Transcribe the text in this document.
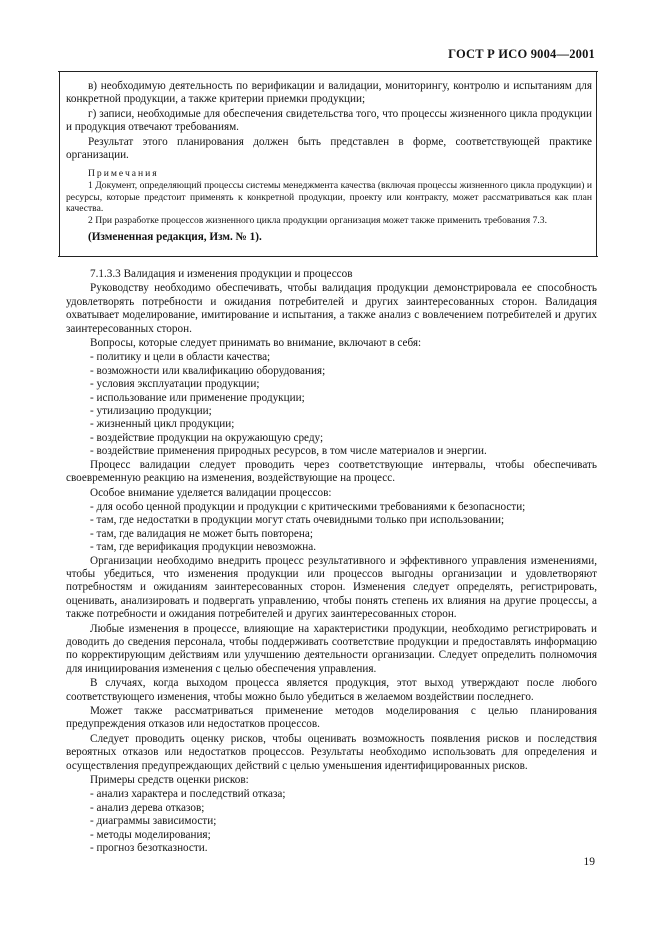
ГОСТ Р ИСО 9004—2001

в) необходимую деятельность по верификации и валидации, мониторингу, контролю и испытаниям для конкретной продукции, а также критерии приемки продукции;

г) записи, необходимые для обеспечения свидетельства того, что процессы жизненного цикла продукции и продукция отвечают требованиям.

Результат этого планирования должен быть представлен в форме, соответствующей практике организации.

Примечания

1 Документ, определяющий процессы системы менеджмента качества (включая процессы жизненного цикла продукции) и ресурсы, которые предстоит применять к конкретной продукции, проекту или контракту, может рассматриваться как план качества.

2 При разработке процессов жизненного цикла продукции организация может также применить требования 7.3.

(Измененная редакция, Изм. № 1).

7.1.3.3 Валидация и изменения продукции и процессов

Руководству необходимо обеспечивать, чтобы валидация продукции демонстрировала ее способность удовлетворять потребности и ожидания потребителей и других заинтересованных сторон. Валидация охватывает моделирование, имитирование и испытания, а также анализ с вовлечением потребителей и других заинтересованных сторон.

Вопросы, которые следует принимать во внимание, включают в себя:

- политику и цели в области качества;

- возможности или квалификацию оборудования;

- условия эксплуатации продукции;

- использование или применение продукции;

- утилизацию продукции;

- жизненный цикл продукции;

- воздействие продукции на окружающую среду;

- воздействие применения природных ресурсов, в том числе материалов и энергии.

Процесс валидации следует проводить через соответствующие интервалы, чтобы обеспечивать своевременную реакцию на изменения, воздействующие на процесс.

Особое внимание уделяется валидации процессов:

- для особо ценной продукции и продукции с критическими требованиями к безопасности;

- там, где недостатки в продукции могут стать очевидными только при использовании;

- там, где валидация не может быть повторена;

- там, где верификация продукции невозможна.

Организации необходимо внедрить процесс результативного и эффективного управления изменениями, чтобы убедиться, что изменения продукции или процессов выгодны организации и удовлетворяют потребностям и ожиданиям заинтересованных сторон. Изменения следует определять, регистрировать, оценивать, анализировать и подвергать управлению, чтобы понять степень их влияния на другие процессы, а также потребности и ожидания потребителей и других заинтересованных сторон.

Любые изменения в процессе, влияющие на характеристики продукции, необходимо регистрировать и доводить до сведения персонала, чтобы поддерживать соответствие продукции и предоставлять информацию по корректирующим действиям или улучшению деятельности организации. Следует определить полномочия для инициирования изменения с целью обеспечения управления.

В случаях, когда выходом процесса является продукция, этот выход утверждают после любого соответствующего изменения, чтобы можно было убедиться в желаемом воздействии последнего.

Может также рассматриваться применение методов моделирования с целью планирования предупреждения отказов или недостатков процессов.

Следует проводить оценку рисков, чтобы оценивать возможность появления рисков и последствия вероятных отказов или недостатков процессов. Результаты необходимо использовать для определения и осуществления предупреждающих действий с целью уменьшения идентифицированных рисков.

Примеры средств оценки рисков:

- анализ характера и последствий отказа;

- анализ дерева отказов;

- диаграммы зависимости;

- методы моделирования;

- прогноз безотказности.

19
